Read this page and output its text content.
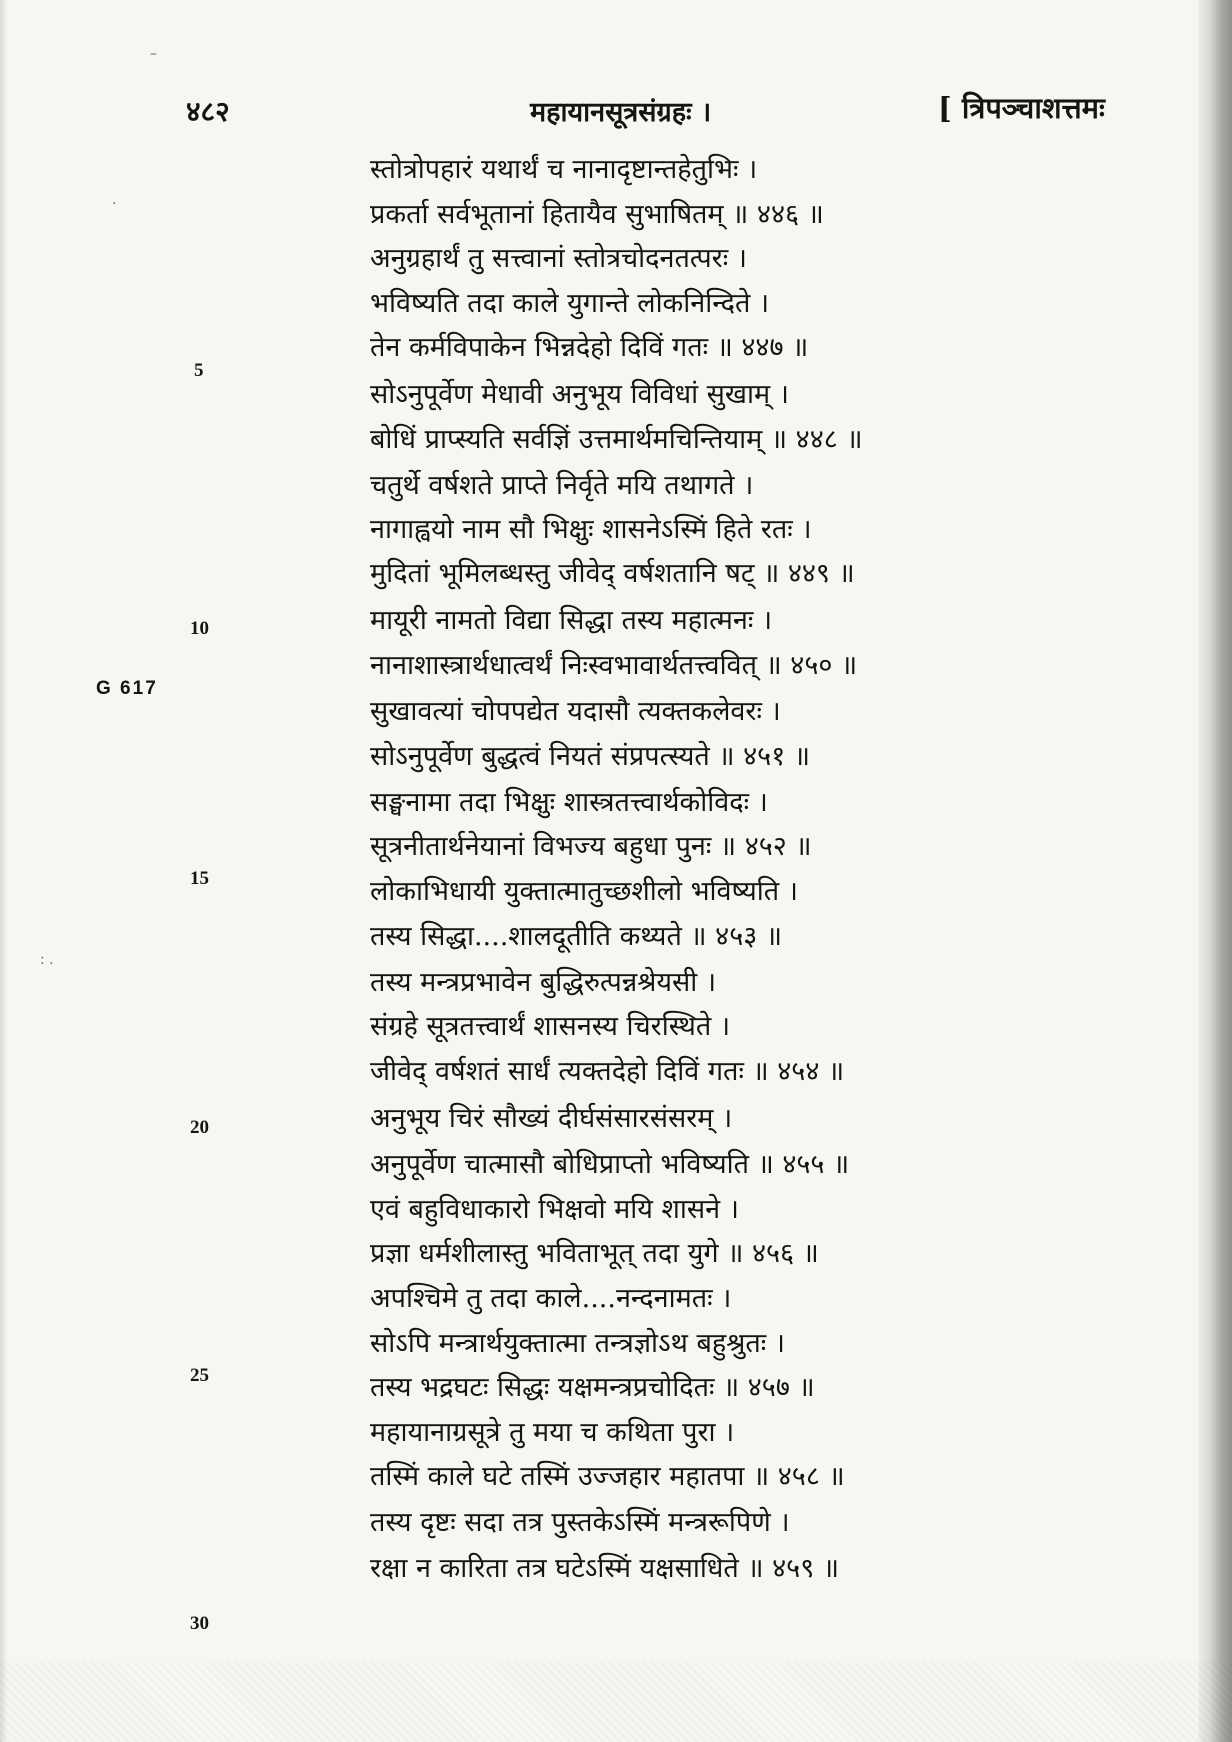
४८२	महायानसूत्रसंग्रहः ।	[ त्रिपञ्चाशत्तमः
G 617
5
10
15
20
25
30
स्तोत्रोपहारं यथार्थं च नानादृष्टान्तहेतुभिः ।
प्रकर्ता सर्वभूतानां हितायैव सुभाषितम् ॥ ४४६ ॥
अनुग्रहार्थं तु सत्त्वानां स्तोत्रचोदनतत्परः ।
भविष्यति तदा काले युगान्ते लोकनिन्दिते ।
तेन कर्मविपाकेन भिन्नदेहो दिविं गतः ॥ ४४७ ॥
सोऽनुपूर्वेण मेधावी अनुभूय विविधां सुखाम् ।
बोधिं प्राप्स्यति सर्वज्ञिं उत्तमार्थमचिन्तियाम् ॥ ४४८ ॥
चतुर्थे वर्षशते प्राप्ते निर्वृते मयि तथागते ।
नागाह्वयो नाम सौ भिक्षुः शासनेऽस्मिं हिते रतः ।
मुदितां भूमिलब्धस्तु जीवेद् वर्षशतानि षट् ॥ ४४९ ॥
मायूरी नामतो विद्या सिद्धा तस्य महात्मनः ।
नानाशास्त्रार्थधात्वर्थं निःस्वभावार्थतत्त्ववित् ॥ ४५० ॥
सुखावत्यां चोपपद्येत यदासौ त्यक्तकलेवरः ।
सोऽनुपूर्वेण बुद्धत्वं नियतं संप्रपत्स्यते ॥ ४५१ ॥
सङ्घनामा तदा भिक्षुः शास्त्रतत्त्वार्थकोविदः ।
सूत्रनीतार्थनेयानां विभज्य बहुधा पुनः ॥ ४५२ ॥
लोकाभिधायी युक्तात्मातुच्छशीलो भविष्यति ।
तस्य सिद्धा....शालदूतीति कथ्यते ॥ ४५३ ॥
तस्य मन्त्रप्रभावेन बुद्धिरुत्पन्नश्रेयसी ।
संग्रहे सूत्रतत्त्वार्थं शासनस्य चिरस्थिते ।
जीवेद् वर्षशतं सार्धं त्यक्तदेहो दिविं गतः ॥ ४५४ ॥
अनुभूय चिरं सौख्यं दीर्घसंसारसंसरम् ।
अनुपूर्वेण चात्मासौ बोधिप्राप्तो भविष्यति ॥ ४५५ ॥
एवं बहुविधाकारो भिक्षवो मयि शासने ।
प्रज्ञा धर्मशीलास्तु भविताभूत् तदा युगे ॥ ४५६ ॥
अपश्चिमे तु तदा काले....नन्दनामतः ।
सोऽपि मन्त्रार्थयुक्तात्मा तन्त्रज्ञोऽथ बहुश्रुतः ।
तस्य भद्रघटः सिद्धः यक्षमन्त्रप्रचोदितः ॥ ४५७ ॥
महायानाग्रसूत्रे तु मया च कथिता पुरा ।
तस्मिं काले घटे तस्मिं उज्जहार महातपा ॥ ४५८ ॥
तस्य दृष्टः सदा तत्र पुस्तकेऽस्मिं मन्त्ररूपिणे ।
रक्षा न कारिता तत्र घटेऽस्मिं यक्षसाधिते ॥ ४५९ ॥
–
·
: .
